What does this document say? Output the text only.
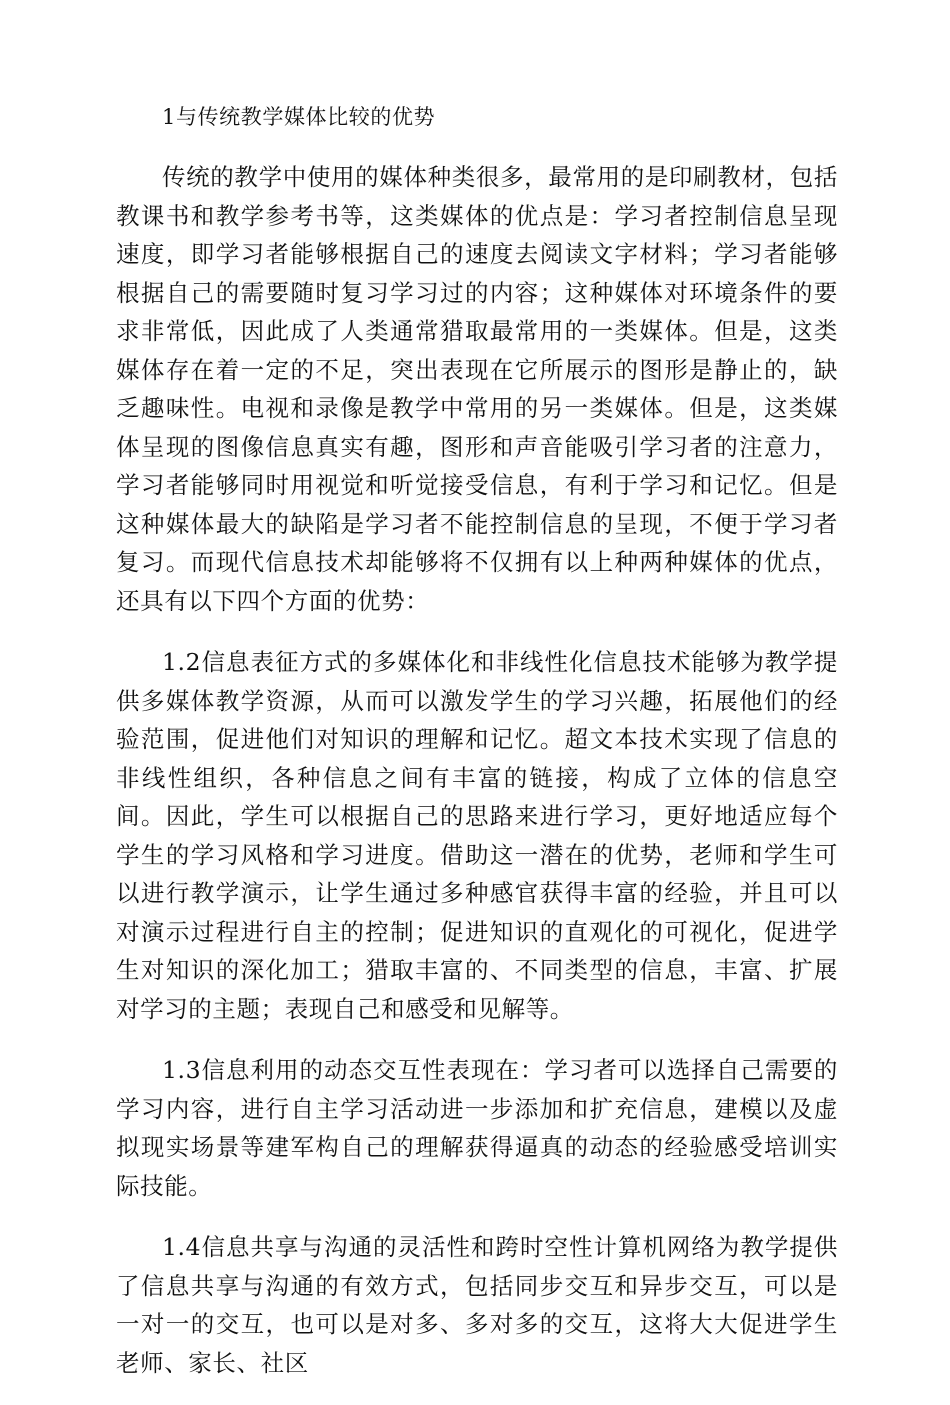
1与传统教学媒体比较的优势

传统的教学中使用的媒体种类很多，最常用的是印刷教材，包括教课书和教学参考书等，这类媒体的优点是：学习者控制信息呈现速度，即学习者能够根据自己的速度去阅读文字材料；学习者能够根据自己的需要随时复习学习过的内容；这种媒体对环境条件的要求非常低，因此成了人类通常猎取最常用的一类媒体。但是，这类媒体存在着一定的不足，突出表现在它所展示的图形是静止的，缺乏趣味性。电视和录像是教学中常用的另一类媒体。但是，这类媒体呈现的图像信息真实有趣，图形和声音能吸引学习者的注意力，学习者能够同时用视觉和听觉接受信息，有利于学习和记忆。但是这种媒体最大的缺陷是学习者不能控制信息的呈现，不便于学习者复习。而现代信息技术却能够将不仅拥有以上种两种媒体的优点，还具有以下四个方面的优势：

1.2信息表征方式的多媒体化和非线性化信息技术能够为教学提供多媒体教学资源，从而可以激发学生的学习兴趣，拓展他们的经验范围，促进他们对知识的理解和记忆。超文本技术实现了信息的非线性组织，各种信息之间有丰富的链接，构成了立体的信息空间。因此，学生可以根据自己的思路来进行学习，更好地适应每个学生的学习风格和学习进度。借助这一潜在的优势，老师和学生可以进行教学演示，让学生通过多种感官获得丰富的经验，并且可以对演示过程进行自主的控制；促进知识的直观化的可视化，促进学生对知识的深化加工；猎取丰富的、不同类型的信息，丰富、扩展对学习的主题；表现自己和感受和见解等。

1.3信息利用的动态交互性表现在：学习者可以选择自己需要的学习内容，进行自主学习活动进一步添加和扩充信息，建模以及虚拟现实场景等建军构自己的理解获得逼真的动态的经验感受培训实际技能。

1.4信息共享与沟通的灵活性和跨时空性计算机网络为教学提供了信息共享与沟通的有效方式，包括同步交互和异步交互，可以是一对一的交互，也可以是对多、多对多的交互，这将大大促进学生老师、家长、社区
